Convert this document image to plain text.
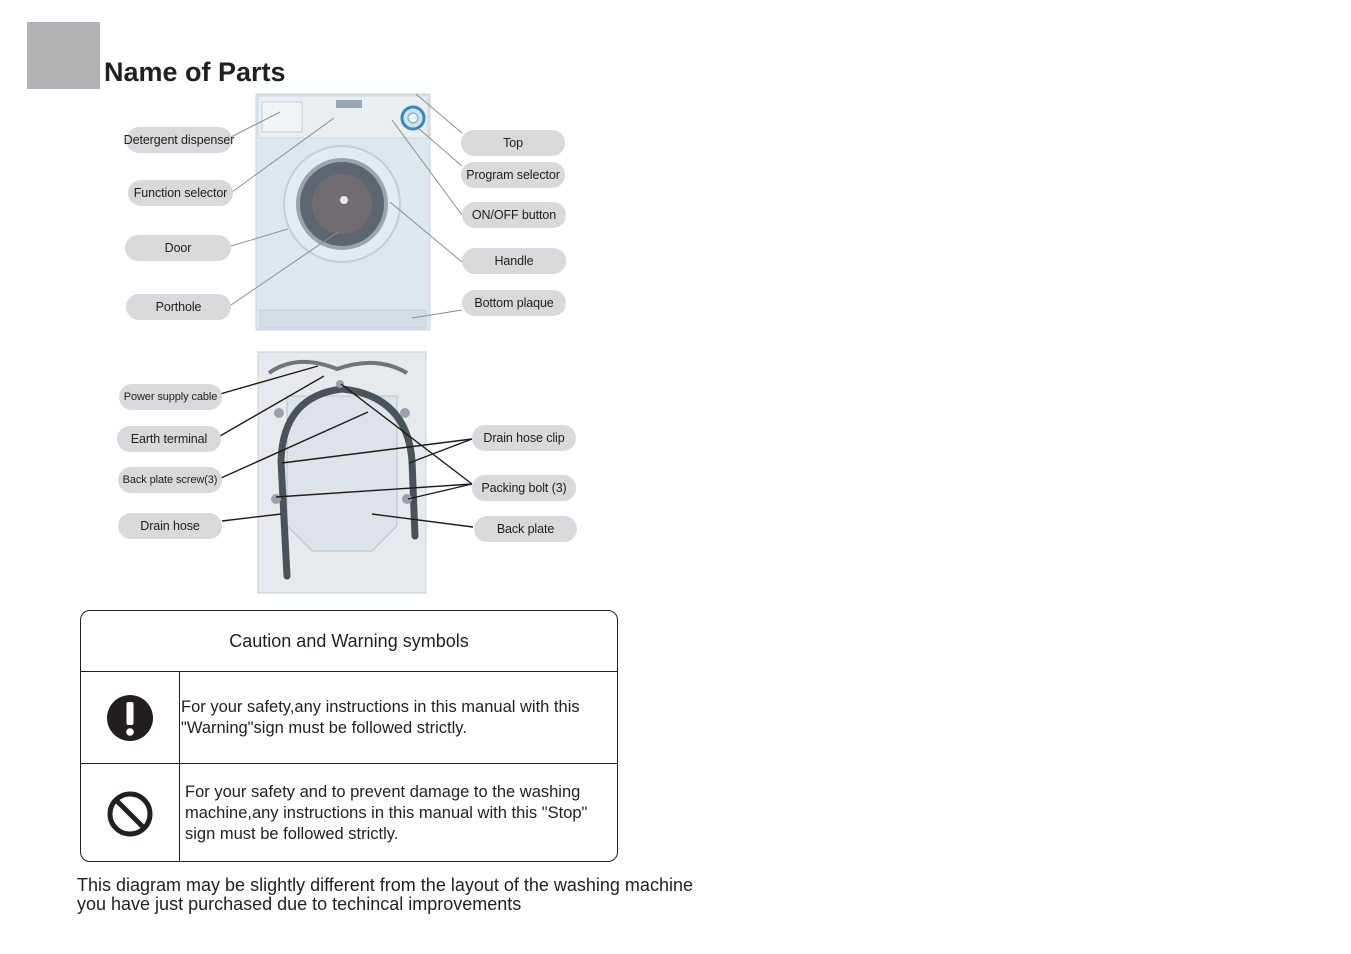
Name of Parts
Detergent dispenser
Function selector
Door
Porthole
Top
Program selector
ON/OFF button
Handle
Bottom plaque
Power supply cable
Earth terminal
Back plate screw(3)
Drain hose
Drain hose clip
Packing bolt (3)
Back plate
Caution and Warning symbols
For your safety,any instructions in this manual with this "Warning"sign must be followed strictly.
For your safety and to prevent damage to the washing machine,any instructions in this manual with this "Stop" sign must be followed strictly.
This diagram may be slightly different from the layout of the washing machine you have just purchased due to techincal improvements
